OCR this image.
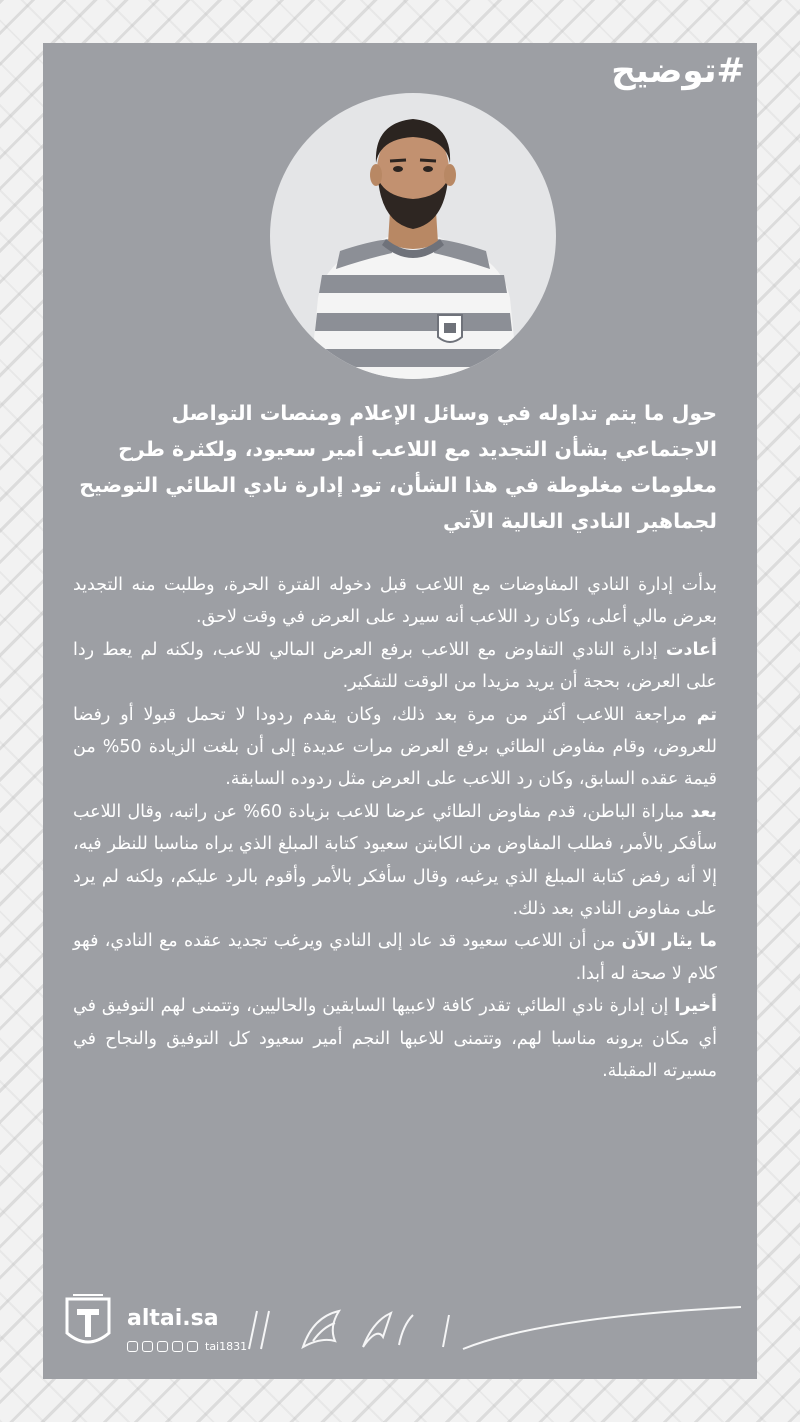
#توضيح

حول ما يتم تداوله في وسائل الإعلام ومنصات التواصل الاجتماعي بشأن التجديد مع اللاعب أمير سعيود، ولكثرة طرح معلومات مغلوطة في هذا الشأن، تود إدارة نادي الطائي التوضيح لجماهير النادي الغالية الآتي

بدأت إدارة النادي المفاوضات مع اللاعب قبل دخوله الفترة الحرة، وطلبت منه التجديد بعرض مالي أعلى، وكان رد اللاعب أنه سيرد على العرض في وقت لاحق.

أعادت إدارة النادي التفاوض مع اللاعب برفع العرض المالي للاعب، ولكنه لم يعط ردا على العرض، بحجة أن يريد مزيدا من الوقت للتفكير.

تم مراجعة اللاعب أكثر من مرة بعد ذلك، وكان يقدم ردودا لا تحمل قبولا أو رفضا للعروض، وقام مفاوض الطائي برفع العرض مرات عديدة إلى أن بلغت الزيادة 50% من قيمة عقده السابق، وكان رد اللاعب على العرض مثل ردوده السابقة.

بعد مباراة الباطن، قدم مفاوض الطائي عرضا للاعب بزيادة 60% عن راتبه، وقال اللاعب سأفكر بالأمر، فطلب المفاوض من الكابتن سعيود كتابة المبلغ الذي يراه مناسبا للنظر فيه، إلا أنه رفض كتابة المبلغ الذي يرغبه، وقال سأفكر بالأمر وأقوم بالرد عليكم، ولكنه لم يرد على مفاوض النادي بعد ذلك.

ما يثار الآن من أن اللاعب سعيود قد عاد إلى النادي ويرغب تجديد عقده مع النادي، فهو كلام لا صحة له أبدا.

أخيرا إن إدارة نادي الطائي تقدر كافة لاعبيها السابقين والحاليين، وتتمنى لهم التوفيق في أي مكان يرونه مناسبا لهم، وتتمنى للاعبها النجم أمير سعيود كل التوفيق والنجاح في مسيرته المقبلة.

altai.sa

tai1831
